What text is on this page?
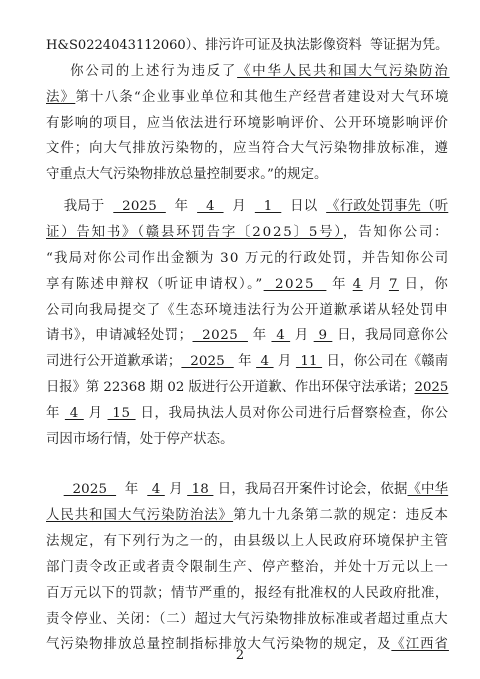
H&S0224043112060）、排污许可证及执法影像资料  等证据为凭。
你公司的上述行为违反了《中华人民共和国大气污染防治
法》第十八条“企业事业单位和其他生产经营者建设对大气环境
有影响的项目，应当依法进行环境影响评价、公开环境影响评价
文件；向大气排放污染物的，应当符合大气污染物排放标准，遵
守重点大气污染物排放总量控制要求。”的规定。
我局于    2025    年    4    月    1    日以  《行政处罚事先（听
证）告知书》（赣县环罚告字〔2025〕5号），告知你公司：
“我局对你公司作出金额为 30 万元的行政处罚，并告知你公司
享有陈述申辩权（听证申请权）。”  2025   年 4 月 7 日，你
公司向我局提交了《生态环境违法行为公开道歉承诺从轻处罚申
请书》，申请减轻处罚；  2025   年  4  月  9  日，我局同意你公
司进行公开道歉承诺；  2025   年  4  月  11  日，你公司在《赣南
日报》第 22368 期 02 版进行公开道歉、作出环保守法承诺；2025
年  4  月  15  日，我局执法人员对你公司进行后督察检查，你公
司因市场行情，处于停产状态。
2025    年   4  月  18  日，我局召开案件讨论会，依据《中华
人民共和国大气污染防治法》第九十九条第二款的规定：违反本
法规定，有下列行为之一的，由县级以上人民政府环境保护主管
部门责令改正或者责令限制生产、停产整治，并处十万元以上一
百万元以下的罚款；情节严重的，报经有批准权的人民政府批准，
责令停业、关闭：（二）超过大气污染物排放标准或者超过重点大
气污染物排放总量控制指标排放大气污染物的规定，及《江西省
2
